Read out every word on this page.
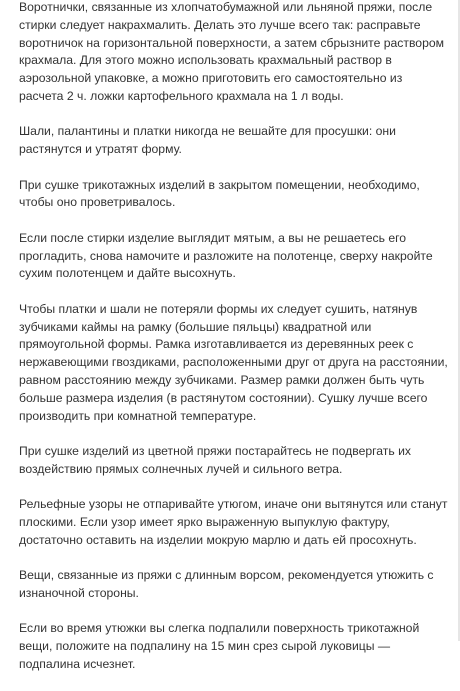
Воротнички, связанные из хлопчатобумажной или льняной пряжи, после стирки следует накрахмалить. Делать это лучше всего так: расправьте воротничок на горизонтальной поверхности, а затем сбрызните раствором крахмала. Для этого можно использовать крахмальный раствор в аэрозольной упаковке, а можно приготовить его самостоятельно из расчета 2 ч. ложки картофельного крахмала на 1 л воды.

Шали, палантины и платки никогда не вешайте для просушки: они растянутся и утратят форму.

При сушке трикотажных изделий в закрытом помещении, необходимо, чтобы оно проветривалось.

Если после стирки изделие выглядит мятым, а вы не решаетесь его прогладить, снова намочите и разложите на полотенце, сверху накройте сухим полотенцем и дайте высохнуть.

Чтобы платки и шали не потеряли формы их следует сушить, натянув зубчиками каймы на рамку (большие пяльцы) квадратной или прямоугольной формы. Рамка изготавливается из деревянных реек с нержавеющими гвоздиками, расположенными друг от друга на расстоянии, равном расстоянию между зубчиками. Размер рамки должен быть чуть больше размера изделия (в растянутом состоянии). Сушку лучше всего производить при комнатной температуре.

При сушке изделий из цветной пряжи постарайтесь не подвергать их воздействию прямых солнечных лучей и сильного ветра.

Рельефные узоры не отпаривайте утюгом, иначе они вытянутся или станут плоскими. Если узор имеет ярко выраженную выпуклую фактуру, достаточно оставить на изделии мокрую марлю и дать ей просохнуть.

Вещи, связанные из пряжи с длинным ворсом, рекомендуется утюжить с изнаночной стороны.

Если во время утюжки вы слегка подпалили поверхность трикотажной вещи, положите на подпалину на 15 мин срез сырой луковицы — подпалина исчезнет.
